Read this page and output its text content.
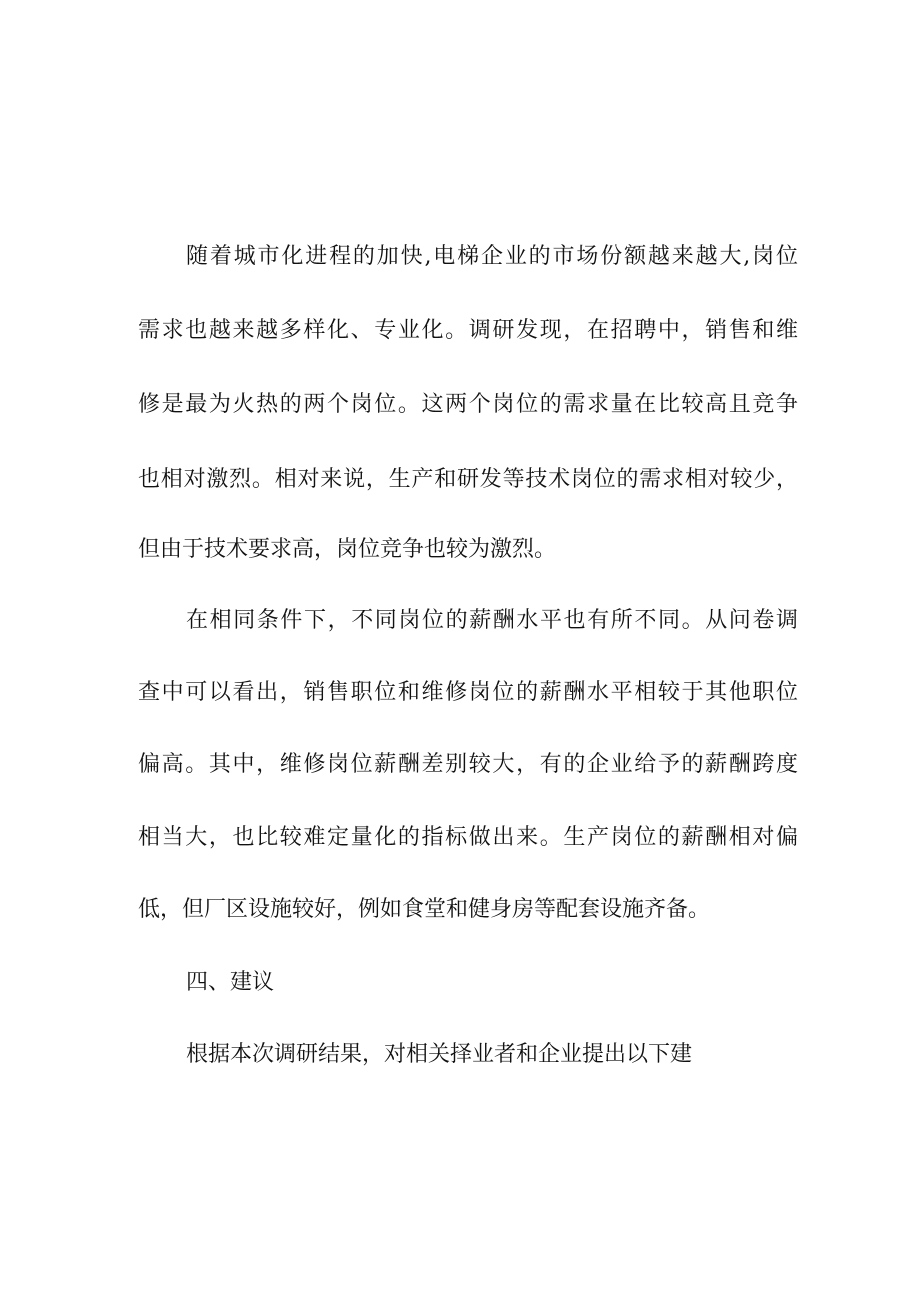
随着城市化进程的加快,电梯企业的市场份额越来越大,岗位
需求也越来越多样化、专业化。调研发现，在招聘中，销售和维
修是最为火热的两个岗位。这两个岗位的需求量在比较高且竞争
也相对激烈。相对来说，生产和研发等技术岗位的需求相对较少，
但由于技术要求高，岗位竞争也较为激烈。
在相同条件下，不同岗位的薪酬水平也有所不同。从问卷调
查中可以看出，销售职位和维修岗位的薪酬水平相较于其他职位
偏高。其中，维修岗位薪酬差别较大，有的企业给予的薪酬跨度
相当大，也比较难定量化的指标做出来。生产岗位的薪酬相对偏
低，但厂区设施较好，例如食堂和健身房等配套设施齐备。
四、建议
根据本次调研结果，对相关择业者和企业提出以下建
